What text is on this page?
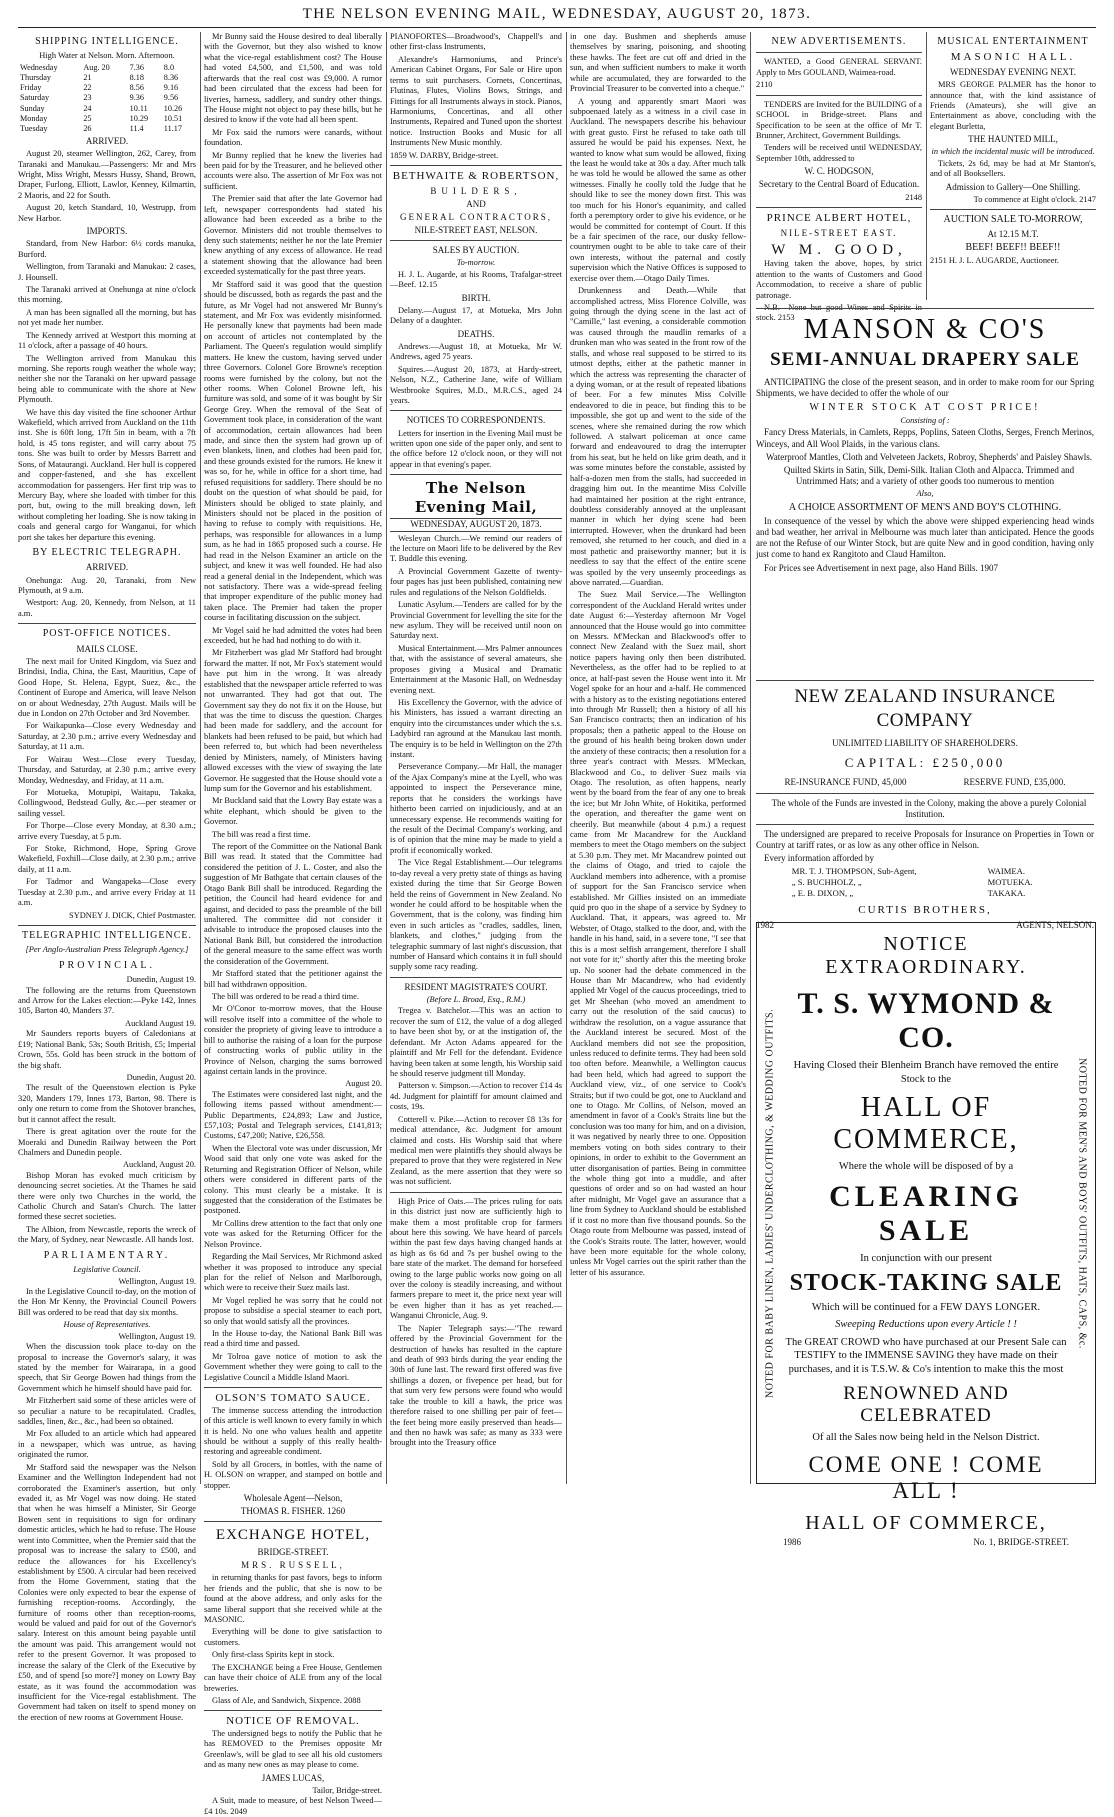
THE NELSON EVENING MAIL, WEDNESDAY, AUGUST 20, 1873.
SHIPPING INTELLIGENCE.
High Water at Nelson. Morn. Afternoon.
Wednesday	Aug. 20	7.36	8.0
Thursday	21	8.18	8.36
Friday	22	8.56	9.16
Saturday	23	9.36	9.56
Sunday	24	10.11	10.26
Monday	25	10.29	10.51
Tuesday	26	11.4	11.17
ARRIVED.

August 20, steamer Wellington, 262, Carey, from Taranaki and Manukau.—Passengers: Mr and Mrs Wright, Miss Wright, Messrs Hussy, Shand, Brown, Draper, Furlong, Elliott, Lawlor, Kenney, Kilmartin, 2 Maoris, and 22 for South.

August 20, ketch Standard, 10, Westrupp, from New Harbor.

IMPORTS.

Standard, from New Harbor: 6½ cords manuka, Burford.

Wellington, from Taranaki and Manukau: 2 cases, J. Hounsell.

The Taranaki arrived at Onehunga at nine o'clock this morning.

A man has been signalled all the morning, but has not yet made her number.

The Kennedy arrived at Westport this morning at 11 o'clock, after a passage of 40 hours.

The Wellington arrived from Manukau this morning. She reports rough weather the whole way; neither she nor the Taranaki on her upward passage being able to communicate with the shore at New Plymouth.

We have this day visited the fine schooner Arthur Wakefield, which arrived from Auckland on the 11th inst. She is 60ft long, 17ft 5in in beam, with a 7ft hold, is 45 tons register, and will carry about 75 tons. She was built to order by Messrs Barrett and Sons, of Mataurangi. Auckland. Her hull is coppered and copper-fastened, and she has excellent accommodation for passengers. Her first trip was to Mercury Bay, where she loaded with timber for this port, but, owing to the mill breaking down, left without completing her loading. She is now taking in coals and general cargo for Wanganui, for which port she takes her departure this evening.

BY ELECTRIC TELEGRAPH.
ARRIVED.

Onehunga: Aug. 20, Taranaki, from New Plymouth, at 9 a.m.

Westport: Aug. 20, Kennedy, from Nelson, at 11 a.m.

POST-OFFICE NOTICES.
MAILS CLOSE.

The next mail for United Kingdom, via Suez and Brindisi, India, China, the East, Mauritius, Cape of Good Hope, St. Helena, Egypt, Suez, &c., the Continent of Europe and America, will leave Nelson on or about Wednesday, 27th August. Mails will be due in London on 27th October and 3rd November.

For Waikapunka—Close every Wednesday and Saturday, at 2.30 p.m.; arrive every Wednesday and Saturday, at 11 a.m.

For Wairau West—Close every Tuesday, Thursday, and Saturday, at 2.30 p.m.; arrive every Monday, Wednesday, and Friday, at 11 a.m.

For Motueka, Motupipi, Waitapu, Takaka, Collingwood, Bedstead Gully, &c.—per steamer or sailing vessel.

For Thorpe—Close every Monday, at 8.30 a.m.; arrive every Tuesday, at 5 p.m.

For Stoke, Richmond, Hope, Spring Grove Wakefield, Foxhill—Close daily, at 2.30 p.m.; arrive daily, at 11 a.m.

For Tadmor and Wangapeka—Close every Tuesday at 2.30 p.m., and arrive every Friday at 11 a.m.

SYDNEY J. DICK, Chief Postmaster.
TELEGRAPHIC INTELLIGENCE.
[Per Anglo-Australian Press Telegraph Agency.]
PROVINCIAL.
Dunedin, August 19.

The following are the returns from Queenstown and Arrow for the Lakes election:—Pyke 142, Innes 105, Barton 40, Manders 37.

Auckland August 19.

Mr Saunders reports buyers of Caledonians at £19; National Bank, 53s; South British, £5; Imperial Crown, 55s. Gold has been struck in the bottom of the big shaft.

Dunedin, August 20.

The result of the Queenstown election is Pyke 320, Manders 179, Innes 173, Barton, 98. There is only one return to come from the Shotover branches, but it cannot affect the result.

There is great agitation over the route for the Moeraki and Dunedin Railway between the Port Chalmers and Dunedin people.

Auckland, August 20.

Bishop Moran has evoked much criticism by denouncing secret societies. At the Thames he said there were only two Churches in the world, the Catholic Church and Satan's Church. The latter formed these secret societies.

The Albion, from Newcastle, reports the wreck of the Mary, of Sydney, near Newcastle. All hands lost.

PARLIAMENTARY.
Legislative Council.
Wellington, August 19.

In the Legislative Council to-day, on the motion of the Hon Mr Kenny, the Provincial Council Powers Bill was ordered to be read that day six months.

House of Representatives.
Wellington, August 19.

When the discussion took place to-day on the proposal to increase the Governor's salary, it was stated by the member for Wairarapa, in a good speech, that Sir George Bowen had things from the Government which he himself should have paid for.

Mr Fitzherbert said some of these articles were of so peculiar a nature to be recapitulated. Cradles, saddles, linen, &c., &c., had been so obtained.

Mr Fox alluded to an article which had appeared in a newspaper, which was untrue, as having originated the rumor.

Mr Stafford said the newspaper was the Nelson Examiner and the Wellington Independent had not corroborated the Examiner's assertion, but only evaded it, as Mr Vogel was now doing. He stated that when he was himself a Minister, Sir George Bowen sent in requisitions to sign for ordinary domestic articles, which he had to refuse. The House went into Committee, when the Premier said that the proposal was to increase the salary to £500, and reduce the allowances for his Excellency's establishment by £500. A circular had been received from the Home Government, stating that the Colonies were only expected to bear the expense of furnishing reception-rooms. Accordingly, the furniture of rooms other than reception-rooms, would be valued and paid for out of the Governor's salary. Interest on this amount being payable until the amount was paid. This arrangement would not refer to the present Governor. It was proposed to increase the salary of the Clerk of the Executive by £50, and of spend [so more?] money on Lowry Bay estate, as it was found the accommodation was insufficient for the Vice-regal establishment. The Government had taken on itself to spend money on the erection of new rooms at Government House.

Mr Bunny said the House desired to deal liberally with the Governor, but they also wished to know what the vice-regal establishment cost? The House had voted £4,500, and £1,500, and was told afterwards that the real cost was £9,000. A rumor had been circulated that the excess had been for liveries, harness, saddlery, and sundry other things. The House might not object to pay these bills, but he desired to know if the vote had all been spent.

Mr Fox said the rumors were canards, without foundation.

Mr Bunny replied that he knew the liveries had been paid for by the Treasurer, and he believed other accounts were also. The assertion of Mr Fox was not sufficient.

The Premier said that after the late Governor had left, newspaper correspondents had stated his allowance had been exceeded as a bribe to the Governor. Ministers did not trouble themselves to deny such statements; neither he nor the late Premier knew anything of any excess of allowance. He read a statement showing that the allowance had been exceeded systematically for the past three years.

Mr Stafford said it was good that the question should be discussed, both as regards the past and the future, as Mr Vogel had not answered Mr Bunny's statement, and Mr Fox was evidently misinformed. He personally knew that payments had been made on account of articles not contemplated by the Parliament. The Queen's regulation would simplify matters. He knew the custom, having served under three Governors. Colonel Gore Browne's reception rooms were furnished by the colony, but not the other rooms. When Colonel Browne left, his furniture was sold, and some of it was bought by Sir George Grey. When the removal of the Seat of Government took place, in consideration of the want of accommodation, certain allowances had been made, and since then the system had grown up of even blankets, linen, and clothes had been paid for, and these grounds existed for the rumors. He knew it was so, for he, while in office for a short time, had refused requisitions for saddlery. There should be no doubt on the question of what should be paid, for Ministers should be obliged to state plainly, and Ministers should not be placed in the position of having to refuse to comply with requisitions. He, perhaps, was responsible for allowances in a lump sum, as he had in 1865 proposed such a course. He had read in the Nelson Examiner an article on the subject, and knew it was well founded. He had also read a general denial in the Independent, which was not satisfactory. There was a wide-spread feeling that improper expenditure of the public money had taken place. The Premier had taken the proper course in facilitating discussion on the subject.

Mr Vogel said he had admitted the votes had been exceeded, but he had had nothing to do with it.

Mr Fitzherbert was glad Mr Stafford had brought forward the matter. If not, Mr Fox's statement would have put him in the wrong. It was already established that the newspaper article referred to was not unwarranted. They had got that out. The Government say they do not fix it on the House, but that was the time to discuss the question. Charges had been made for saddlery, and the account for blankets had been refused to be paid, but which had been referred to, but which had been nevertheless denied by Ministers, namely, of Ministers having allowed excesses with the view of swaying the late Governor. He suggested that the House should vote a lump sum for the Governor and his establishment.

Mr Buckland said that the Lowry Bay estate was a white elephant, which should be given to the Governor.

The bill was read a first time.

The report of the Committee on the National Bank Bill was read. It stated that the Committee had considered the petition of J. L. Coster, and also the suggestion of Mr Bathgate that certain clauses of the Otago Bank Bill shall be introduced. Regarding the petition, the Council had heard evidence for and against, and decided to pass the preamble of the bill unaltered. The committee did not consider it advisable to introduce the proposed clauses into the National Bank Bill, but considered the introduction of the general measure to the same effect was worth the consideration of the Government.

Mr Stafford stated that the petitioner against the bill had withdrawn opposition.

The bill was ordered to be read a third time.

Mr O'Conor to-morrow moves, that the House will resolve itself into a committee of the whole to consider the propriety of giving leave to introduce a bill to authorise the raising of a loan for the purpose of constructing works of public utility in the Province of Nelson, charging the sums borrowed against certain lands in the province.

August 20.

The Estimates were considered last night, and the following items passed without amendment:—Public Departments, £24,893; Law and Justice, £57,103; Postal and Telegraph services, £141,813; Customs, £47,200; Native, £26,558.

When the Electoral vote was under discussion, Mr Wood said that only one vote was asked for the Returning and Registration Officer of Nelson, while others were considered in different parts of the colony. This must clearly be a mistake. It is suggested that the consideration of the Estimates be postponed.

Mr Collins drew attention to the fact that only one vote was asked for the Returning Officer for the Nelson Province.

Regarding the Mail Services, Mr Richmond asked whether it was proposed to introduce any special plan for the relief of Nelson and Marlborough, which were to receive their Suez mails last.

Mr Vogel replied he was sorry that he could not propose to subsidise a special steamer to each port, so only that would satisfy all the provinces.

In the House to-day, the National Bank Bill was read a third time and passed.

Mr Tolroa gave notice of motion to ask the Government whether they were going to call to the Legislative Council a Middle Island Maori.

OLSON'S TOMATO SAUCE.

The immense success attending the introduction of this article is well known to every family in which it is held. No one who values health and appetite should be without a supply of this really health-restoring and agreeable condiment.

Sold by all Grocers, in bottles, with the name of H. OLSON on wrapper, and stamped on bottle and stopper.

Wholesale Agent—Nelson,
THOMAS R. FISHER. 1260
EXCHANGE HOTEL,
BRIDGE-STREET.
MRS. RUSSELL,

in returning thanks for past favors, begs to inform her friends and the public, that she is now to be found at the above address, and only asks for the same liberal support that she received while at the MASONIC.

Everything will be done to give satisfaction to customers.

Only first-class Spirits kept in stock.

The EXCHANGE being a Free House, Gentlemen can have their choice of ALE from any of the local breweries.

Glass of Ale, and Sandwich, Sixpence. 2088

NOTICE OF REMOVAL.

The undersigned begs to notify the Public that he has REMOVED to the Premises opposite Mr Greenlaw's, will be glad to see all his old customers and as many new ones as may please to come.

JAMES LUCAS,
Tailor, Bridge-street.

A Suit, made to measure, of best Nelson Tweed—£4 10s. 2049

PIANOFORTES—Broadwood's, Chappell's and other first-class Instruments,

Alexandre's Harmoniums, and Prince's American Cabinet Organs, For Sale or Hire upon terms to suit purchasers. Cornets, Concertinas, Flutinas, Flutes, Violins Bows, Strings, and Fittings for all Instruments always in stock. Pianos, Harmoniums, Concertinas, and all other Instruments, Repaired and Tuned upon the shortest notice. Instruction Books and Music for all Instruments New Music monthly.

1859 W. DARBY, Bridge-street.
BETHWAITE & ROBERTSON,
BUILDERS,
AND
GENERAL CONTRACTORS,
NILE-STREET EAST, NELSON.
SALES BY AUCTION.
To-morrow.

H. J. L. Augarde, at his Rooms, Trafalgar-street—Beef. 12.15

BIRTH.

Delany.—August 17, at Motueka, Mrs John Delany of a daughter.

DEATHS.

Andrews.—August 18, at Motueka, Mr W. Andrews, aged 75 years.

Squires.—August 20, 1873, at Hardy-street, Nelson, N.Z., Catherine Jane, wife of William Westbrooke Squires, M.D., M.R.C.S., aged 24 years.

NOTICES TO CORRESPONDENTS.

Letters for insertion in the Evening Mail must be written upon one side of the paper only, and sent to the office before 12 o'clock noon, or they will not appear in that evening's paper.

The Nelson Evening Mail,
WEDNESDAY, AUGUST 20, 1873.

Wesleyan Church.—We remind our readers of the lecture on Maori life to be delivered by the Rev T. Buddle this evening.

A Provincial Government Gazette of twenty-four pages has just been published, containing new rules and regulations of the Nelson Goldfields.

Lunatic Asylum.—Tenders are called for by the Provincial Government for levelling the site for the new asylum. They will be received until noon on Saturday next.

Musical Entertainment.—Mrs Palmer announces that, with the assistance of several amateurs, she proposes giving a Musical and Dramatic Entertainment at the Masonic Hall, on Wednesday evening next.

His Excellency the Governor, with the advice of his Ministers, has issued a warrant directing an enquiry into the circumstances under which the s.s. Ladybird ran aground at the Manukau last month. The enquiry is to be held in Wellington on the 27th instant.

Perseverance Company.—Mr Hall, the manager of the Ajax Company's mine at the Lyell, who was appointed to inspect the Perseverance mine, reports that he considers the workings have hitherto been carried on injudiciously, and at an unnecessary expense. He recommends waiting for the result of the Decimal Company's working, and is of opinion that the mine may be made to yield a profit if economically worked.

The Vice Regal Establishment.—Our telegrams to-day reveal a very pretty state of things as having existed during the time that Sir George Bowen held the reins of Government in New Zealand. No wonder he could afford to be hospitable when the Government, that is the colony, was finding him even in such articles as "cradles, saddles, linen, blankets, and clothes," judging from the telegraphic summary of last night's discussion, that number of Hansard which contains it in full should supply some racy reading.

RESIDENT MAGISTRATE'S COURT.
(Before L. Broad, Esq., R.M.)

Tregea v. Batchelor.—This was an action to recover the sum of £12, the value of a dog alleged to have been shot by, or at the instigation of, the defendant. Mr Acton Adams appeared for the plaintiff and Mr Fell for the defendant. Evidence having been taken at some length, his Worship said he should reserve judgment till Monday.

Patterson v. Simpson.—Action to recover £14 4s 4d. Judgment for plaintiff for amount claimed and costs, 19s.

Cotterell v. Pike.—Action to recover £8 13s for medical attendance, &c. Judgment for amount claimed and costs. His Worship said that where medical men were plaintiffs they should always be prepared to prove that they were registered in New Zealand, as the mere assertion that they were so was not sufficient.

High Price of Oats.—The prices ruling for oats in this district just now are sufficiently high to make them a most profitable crop for farmers about here this sowing. We have heard of parcels within the past few days having changed hands at as high as 6s 6d and 7s per bushel owing to the bare state of the market. The demand for horsefeed owing to the large public works now going on all over the colony is steadily increasing, and without farmers prepare to meet it, the price next year will be even higher than it has as yet reached.—Wanganui Chronicle, Aug. 9.

The Napier Telegraph says:—"The reward offered by the Provincial Government for the destruction of hawks has resulted in the capture and death of 993 birds during the year ending the 30th of June last. The reward first offered was five shillings a dozen, or fivepence per head, but for that sum very few persons were found who would take the trouble to kill a hawk, the price was therefore raised to one shilling per pair of feet—the feet being more easily preserved than heads—and then no hawk was safe; as many as 333 were brought into the Treasury office

in one day. Bushmen and shepherds amuse themselves by snaring, poisoning, and shooting these hawks. The feet are cut off and dried in the sun, and when sufficient numbers to make it worth while are accumulated, they are forwarded to the Provincial Treasurer to be converted into a cheque."

A young and apparently smart Maori was subpoenaed lately as a witness in a civil case in Auckland. The newspapers describe his behaviour with great gusto. First he refused to take oath till assured he would be paid his expenses. Next, he wanted to know what sum would be allowed, fixing the least he would take at 30s a day. After much talk he was told he would be allowed the same as other witnesses. Finally he coolly told the Judge that he should like to see the money down first. This was too much for his Honor's equanimity, and called forth a peremptory order to give his evidence, or he would be committed for contempt of Court. If this be a fair specimen of the race, our dusky fellow-countrymen ought to be able to take care of their own interests, without the paternal and costly supervision which the Native Offices is supposed to exercise over them.—Otago Daily Times.

Drunkenness and Death.—While that accomplished actress, Miss Florence Colville, was going through the dying scene in the last act of "Camille," last evening, a considerable commotion was caused through the maudlin remarks of a drunken man who was seated in the front row of the stalls, and whose real supposed to be stirred to its utmost depths, either at the pathetic manner in which the actress was representing the character of a dying woman, or at the result of repeated libations of beer. For a few minutes Miss Colville endeavored to die in peace, but finding this to be impossible, she got up and went to the side of the scenes, where she remained during the row which followed. A stalwart policeman at once came forward and endeavoured to drag the interrupter from his seat, but he held on like grim death, and it was some minutes before the constable, assisted by half-a-dozen men from the stalls, had succeeded in dragging him out. In the meantime Miss Colville had maintained her position at the right entrance, doubtless considerably annoyed at the unpleasant manner in which her dying scene had been interrupted. However, when the drunkard had been removed, she returned to her couch, and died in a most pathetic and praiseworthy manner; but it is needless to say that the effect of the entire scene was spoiled by the very unseemly proceedings as above narrated.—Guardian.

The Suez Mail Service.—The Wellington correspondent of the Auckland Herald writes under date August 6:—Yesterday afternoon Mr Vogel announced that the House would go into committee on Messrs. M'Meckan and Blackwood's offer to connect New Zealand with the Suez mail, short notice papers having only then been distributed. Nevertheless, as the offer had to be replied to at once, at half-past seven the House went into it. Mr Vogel spoke for an hour and a-half. He commenced with a history as to the existing negotiations entered into through Mr Russell; then a history of all his San Francisco contracts; then an indication of his proposals; then a pathetic appeal to the House on the ground of his health being broken down under the anxiety of these contracts; then a resolution for a three year's contract with Messrs. M'Meckan, Blackwood and Co., to deliver Suez mails via Otago. The resolution, as often happens, nearly went by the board from the fear of any one to break the ice; but Mr John White, of Hokitika, performed the operation, and thereafter the game went on cheerily. But meanwhile (about 4 p.m.) a request came from Mr Macandrew for the Auckland members to meet the Otago members on the subject at 5.30 p.m. They met. Mr Macandrew pointed out the claims of Otago, and tried to cajole the Auckland members into adherence, with a promise of support for the San Francisco service when established. Mr Gillies insisted on an immediate quid pro quo in the shape of a service by Sydney to Auckland. That, it appears, was agreed to. Mr Webster, of Otago, stalked to the door, and, with the handle in his hand, said, in a severe tone, "I see that this is a most selfish arrangement, therefore I shall not vote for it;" shortly after this the meeting broke up. No sooner had the debate commenced in the House than Mr Macandrew, who had evidently applied Mr Vogel of the caucus proceedings, tried to get Mr Sheehan (who moved an amendment to carry out the resolution of the said caucus) to withdraw the resolution, on a vague assurance that the Auckland interest be secured. Most of the Auckland members did not see the proposition, unless reduced to definite terms. They had been sold too often before. Meanwhile, a Wellington caucus had been held, which had agreed to support the Auckland view, viz., of one service to Cook's Straits; but if two could be got, one to Auckland and one to Otago. Mr Collins, of Nelson, moved an amendment in favor of a Cook's Straits line but the conclusion was too many for him, and on a division, it was negatived by nearly three to one. Opposition members voting on both sides contrary to their opinions, in order to exhibit to the Government an utter disorganisation of parties. Being in committee the whole thing got into a muddle, and after questions of order and so on had wasted an hour after midnight, Mr Vogel gave an assurance that a line from Sydney to Auckland should be established if it cost no more than five thousand pounds. So the Otago route from Melbourne was passed, instead of the Cook's Straits route. The latter, however, would have been more equitable for the whole colony, unless Mr Vogel carries out the spirit rather than the letter of his assurance.

NEW ADVERTISEMENTS.

WANTED, a Good GENERAL SERVANT. Apply to Mrs GOULAND, Waimea-road.

2110

TENDERS are Invited for the BUILDING of a SCHOOL in Bridge-street. Plans and Specification to be seen at the office of Mr T. Brunner, Architect, Government Buildings.

Tenders will be received until WEDNESDAY, September 10th, addressed to

W. C. HODGSON,
Secretary to the Central Board of Education.
2148
PRINCE ALBERT HOTEL,
NILE-STREET EAST.
W M. GOOD,

Having taken the above, hopes, by strict attention to the wants of Customers and Good Accommodation, to receive a share of public patronage.

N.B.—None but good Wines and Spirits in stock. 2153

MUSICAL ENTERTAINMENT
MASONIC HALL.
WEDNESDAY EVENING NEXT.

MRS GEORGE PALMER has the honor to announce that, with the kind assistance of Friends (Amateurs), she will give an Entertainment as above, concluding with the elegant Burletta,

THE HAUNTED MILL,
in which the incidental music will be introduced.

Tickets, 2s 6d, may be had at Mr Stanton's, and of all Booksellers.

Admission to Gallery—One Shilling.
To commence at Eight o'clock. 2147
AUCTION SALE TO-MORROW,
At 12.15 M.T.
BEEF! BEEF!! BEEF!!
2151 H. J. L. AUGARDE, Auctioneer.
MANSON & CO'S
SEMI-ANNUAL DRAPERY SALE

ANTICIPATING the close of the present season, and in order to make room for our Spring Shipments, we have decided to offer the whole of our

WINTER STOCK AT COST PRICE!
Consisting of :

Fancy Dress Materials, in Camlets, Repps, Poplins, Sateen Cloths, Serges, French Merinos, Winceys, and All Wool Plaids, in the various clans.

Waterproof Mantles, Cloth and Velveteen Jackets, Robroy, Shepherds' and Paisley Shawls.

Quilted Skirts in Satin, Silk, Demi-Silk. Italian Cloth and Alpacca. Trimmed and Untrimmed Hats; and a variety of other goods too numerous to mention

Also,
A CHOICE ASSORTMENT OF MEN'S AND BOY'S CLOTHING.

In consequence of the vessel by which the above were shipped experiencing head winds and bad weather, her arrival in Melbourne was much later than anticipated. Hence the goods are not the Refuse of our Winter Stock, but are quite New and in good condition, having only just come to hand ex Rangitoto and Claud Hamilton.

For Prices see Advertisement in next page, also Hand Bills. 1907

NEW ZEALAND INSURANCE COMPANY
UNLIMITED LIABILITY OF SHAREHOLDERS.
CAPITAL: £250,000
RE-INSURANCE FUND, 45,000	RESERVE FUND, £35,000.

The whole of the Funds are invested in the Colony, making the above a purely Colonial Institution.

The undersigned are prepared to receive Proposals for Insurance on Properties in Town or Country at tariff rates, or as low as any other office in Nelson.

Every information afforded by

MR. T. J. THOMPSON, Sub-Agent,	WAIMEA.
„ S. BUCHHOLZ, „	MOTUEKA.
„ E. B. DIXON, „	TAKAKA.
CURTIS BROTHERS,
1982	AGENTS, NELSON.
NOTED FOR BABY LINEN, LADIES' UNDERCLOTHING, & WEDDING OUTFITS.	NOTED FOR MEN'S AND BOYS' OUTFITS, HATS, CAPS, &c.
NOTICE EXTRAORDINARY.
T. S. WYMOND & CO.
Having Closed their Blenheim Branch have removed the entire Stock to the
HALL OF COMMERCE,
Where the whole will be disposed of by a
CLEARING SALE
In conjunction with our present
STOCK-TAKING SALE
Which will be continued for a FEW DAYS LONGER.
Sweeping Reductions upon every Article ! !
The GREAT CROWD who have purchased at our Present Sale can TESTIFY to the IMMENSE SAVING they have made on their purchases, and it is T.S.W. & Co's intention to make this the most
RENOWNED AND CELEBRATED
Of all the Sales now being held in the Nelson District.
COME ONE ! COME ALL !
HALL OF COMMERCE,
1986	No. 1, BRIDGE-STREET.
